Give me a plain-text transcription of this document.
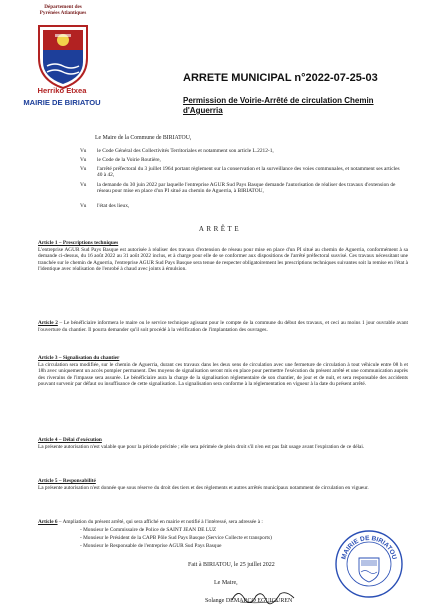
Département des Pyrénées Atlantiques
Herriko Etxea
MAIRIE DE BIRIATOU
ARRETE MUNICIPAL n°2022-07-25-03
Permission de Voirie-Arrêté de circulation Chemin d'Aguerria
Le Maire de la Commune de BIRIATOU,
Vu le Code Général des Collectivités Territoriales et notamment son article L.2212-1,
Vu le Code de la Voirie Routière,
Vu l'arrêté préfectoral du 3 juillet 1964 portant règlement sur la conservation et la surveillance des voies communales, et notamment ses articles 40 à 42,
Vu la demande du 30 juin 2022 par laquelle l'entreprise AGUR Sud Pays Basque demande l'autorisation de réaliser des travaux d'extension de réseau pour mise en place d'un PI situé au chemin de Aguerria, à BIRIATOU,
Vu l'état des lieux,
ARRÊTE

Article 1 – Prescriptions techniques

L'entreprise AGUR Sud Pays Basque est autorisée à réaliser des travaux d'extension de réseau pour mise en place d'un PI situé au chemin de Aguerria, conformément à sa demande ci-dessus, du 16 août 2022 au 31 août 2022 inclus, et à charge pour elle de se conformer aux dispositions de l'arrêté préfectoral susvisé. Ces travaux nécessitant une tranchée sur le chemin de Aguerria, l'entreprise AGUR Sud Pays Basque sera tenue de respecter obligatoirement les prescriptions techniques suivantes soit la remise en l'état à l'identique avec réalisation de l'enrobé à chaud avec joints à émulsion.

Article 2 – Le bénéficiaire informera le maire ou le service technique agissant pour le compte de la commune du début des travaux, et ceci au moins 1 jour ouvrable avant l'ouverture du chantier. Il pourra demander qu'il soit procédé à la vérification de l'implantation des ouvrages.

Article 3 – Signalisation du chantier

La circulation sera modifiée, sur le chemin de Aguerria, durant ces travaux dans les deux sens de circulation avec une fermeture de circulation à tout véhicule entre 08 h et 18h avec uniquement un accès pompier permanent. Des moyens de signalisation seront mis en place pour permettre l'exécution du présent arrêté et une communication auprès des riverains de l'impasse sera assurée. Le bénéficiaire aura la charge de la signalisation réglementaire de son chantier, de jour et de nuit, et sera responsable des accidents pouvant survenir par défaut ou insuffisance de cette signalisation. La signalisation sera conforme à la réglementation en vigueur à la date du présent arrêté.

Article 4 – Délai d'exécution

La présente autorisation n'est valable que pour la période précitée ; elle sera périmée de plein droit s'il n'en est pas fait usage avant l'expiration de ce délai.

Article 5 – Responsabilité

La présente autorisation n'est donnée que sous réserve du droit des tiers et des règlements et autres arrêtés municipaux notamment de circulation en vigueur.

Article 6 – Ampliation du présent arrêté, qui sera affiché en mairie et notifié à l'intéressé, sera adressée à :
- Monsieur le Commissaire de Police de SAINT JEAN DE LUZ
- Monsieur le Président de la CAPB Pôle Sud Pays Basque (Service Collecte et transports)
- Monsieur le Responsable de l'entreprise AGUR Sud Pays Basque
Fait à BIRIATOU, le 25 juillet 2022
Le Maire,
Solange DEMARCO EGUIGUREN
MAIRIE DE BIRIATOU
